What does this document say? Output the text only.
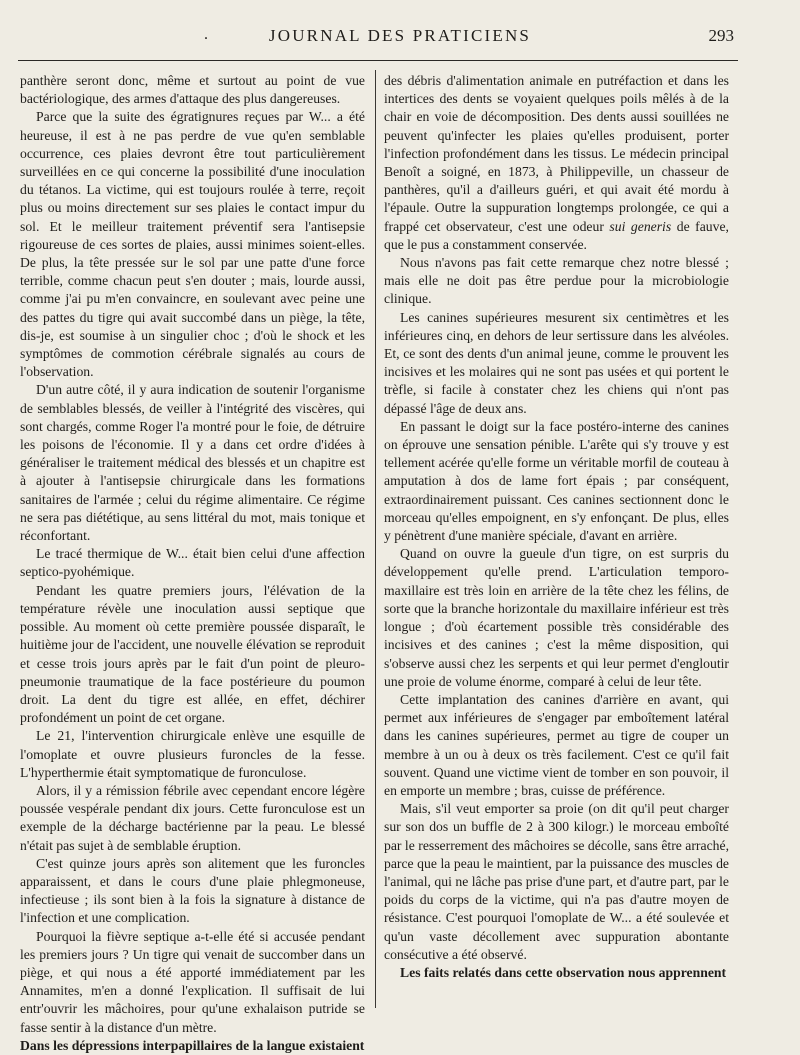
.	JOURNAL DES PRATICIENS	293

panthère seront donc, même et surtout au point de vue bactériologique, des armes d'attaque des plus dangereuses.

Parce que la suite des égratignures reçues par W... a été heureuse, il est à ne pas perdre de vue qu'en semblable occurrence, ces plaies devront être tout particulièrement surveillées en ce qui concerne la possibilité d'une inoculation du tétanos. La victime, qui est toujours roulée à terre, reçoit plus ou moins directement sur ses plaies le contact impur du sol. Et le meilleur traitement préventif sera l'antisepsie rigoureuse de ces sortes de plaies, aussi minimes soient-elles. De plus, la tête pressée sur le sol par une patte d'une force terrible, comme chacun peut s'en douter ; mais, lourde aussi, comme j'ai pu m'en convaincre, en soulevant avec peine une des pattes du tigre qui avait succombé dans un piège, la tête, dis-je, est soumise à un singulier choc ; d'où le shock et les symptômes de commotion cérébrale signalés au cours de l'observation.

D'un autre côté, il y aura indication de soutenir l'organisme de semblables blessés, de veiller à l'intégrité des viscères, qui sont chargés, comme Roger l'a montré pour le foie, de détruire les poisons de l'économie. Il y a dans cet ordre d'idées à généraliser le traitement médical des blessés et un chapitre est à ajouter à l'antisepsie chirurgicale dans les formations sanitaires de l'armée ; celui du régime alimentaire. Ce régime ne sera pas diététique, au sens littéral du mot, mais tonique et réconfortant.

Le tracé thermique de W... était bien celui d'une affection septico-pyohémique.

Pendant les quatre premiers jours, l'élévation de la température révèle une inoculation aussi septique que possible. Au moment où cette première poussée disparaît, le huitième jour de l'accident, une nouvelle élévation se reproduit et cesse trois jours après par le fait d'un point de pleuro-pneumonie traumatique de la face postérieure du poumon droit. La dent du tigre est allée, en effet, déchirer profondément un point de cet organe.

Le 21, l'intervention chirurgicale enlève une esquille de l'omoplate et ouvre plusieurs furoncles de la fesse. L'hyperthermie était symptomatique de furonculose.

Alors, il y a rémission fébrile avec cependant encore légère poussée vespérale pendant dix jours. Cette furonculose est un exemple de la décharge bactérienne par la peau. Le blessé n'était pas sujet à de semblable éruption.

C'est quinze jours après son alitement que les furoncles apparaissent, et dans le cours d'une plaie phlegmoneuse, infectieuse ; ils sont bien à la fois la signature à distance de l'infection et une complication.

Pourquoi la fièvre septique a-t-elle été si accusée pendant les premiers jours ? Un tigre qui venait de succomber dans un piège, et qui nous a été apporté immédiatement par les Annamites, m'en a donné l'explication. Il suffisait de lui entr'ouvrir les mâchoires, pour qu'une exhalaison putride se fasse sentir à la distance d'un mètre.

Dans les dépressions interpapillaires de la langue existaient

des débris d'alimentation animale en putréfaction et dans les intertices des dents se voyaient quelques poils mêlés à de la chair en voie de décomposition. Des dents aussi souillées ne peuvent qu'infecter les plaies qu'elles produisent, porter l'infection profondément dans les tissus. Le médecin principal Benoît a soigné, en 1873, à Philippeville, un chasseur de panthères, qu'il a d'ailleurs guéri, et qui avait été mordu à l'épaule. Outre la suppuration longtemps prolongée, ce qui a frappé cet observateur, c'est une odeur sui generis de fauve, que le pus a constamment conservée.

Nous n'avons pas fait cette remarque chez notre blessé ; mais elle ne doit pas être perdue pour la microbiologie clinique.

Les canines supérieures mesurent six centimètres et les inférieures cinq, en dehors de leur sertissure dans les alvéoles. Et, ce sont des dents d'un animal jeune, comme le prouvent les incisives et les molaires qui ne sont pas usées et qui portent le trèfle, si facile à constater chez les chiens qui n'ont pas dépassé l'âge de deux ans.

En passant le doigt sur la face postéro-interne des canines on éprouve une sensation pénible. L'arête qui s'y trouve y est tellement acérée qu'elle forme un véritable morfil de couteau à amputation à dos de lame fort épais ; par conséquent, extraordinairement puissant. Ces canines sectionnent donc le morceau qu'elles empoignent, en s'y enfonçant. De plus, elles y pénètrent d'une manière spéciale, d'avant en arrière.

Quand on ouvre la gueule d'un tigre, on est surpris du développement qu'elle prend. L'articulation temporo-maxillaire est très loin en arrière de la tête chez les félins, de sorte que la branche horizontale du maxillaire inférieur est très longue ; d'où écartement possible très considérable des incisives et des canines ; c'est la même disposition, qui s'observe aussi chez les serpents et qui leur permet d'engloutir une proie de volume énorme, comparé à celui de leur tête.

Cette implantation des canines d'arrière en avant, qui permet aux inférieures de s'engager par emboîtement latéral dans les canines supérieures, permet au tigre de couper un membre à un ou à deux os très facilement. C'est ce qu'il fait souvent. Quand une victime vient de tomber en son pouvoir, il en emporte un membre ; bras, cuisse de préférence.

Mais, s'il veut emporter sa proie (on dit qu'il peut charger sur son dos un buffle de 2 à 300 kilogr.) le morceau emboîté par le resserrement des mâchoires se décolle, sans être arraché, parce que la peau le maintient, par la puissance des muscles de l'animal, qui ne lâche pas prise d'une part, et d'autre part, par le poids du corps de la victime, qui n'a pas d'autre moyen de résistance. C'est pourquoi l'omoplate de W... a été soulevée et qu'un vaste décollement avec suppuration abontante consécutive a été observé.

Les faits relatés dans cette observation nous apprennent
